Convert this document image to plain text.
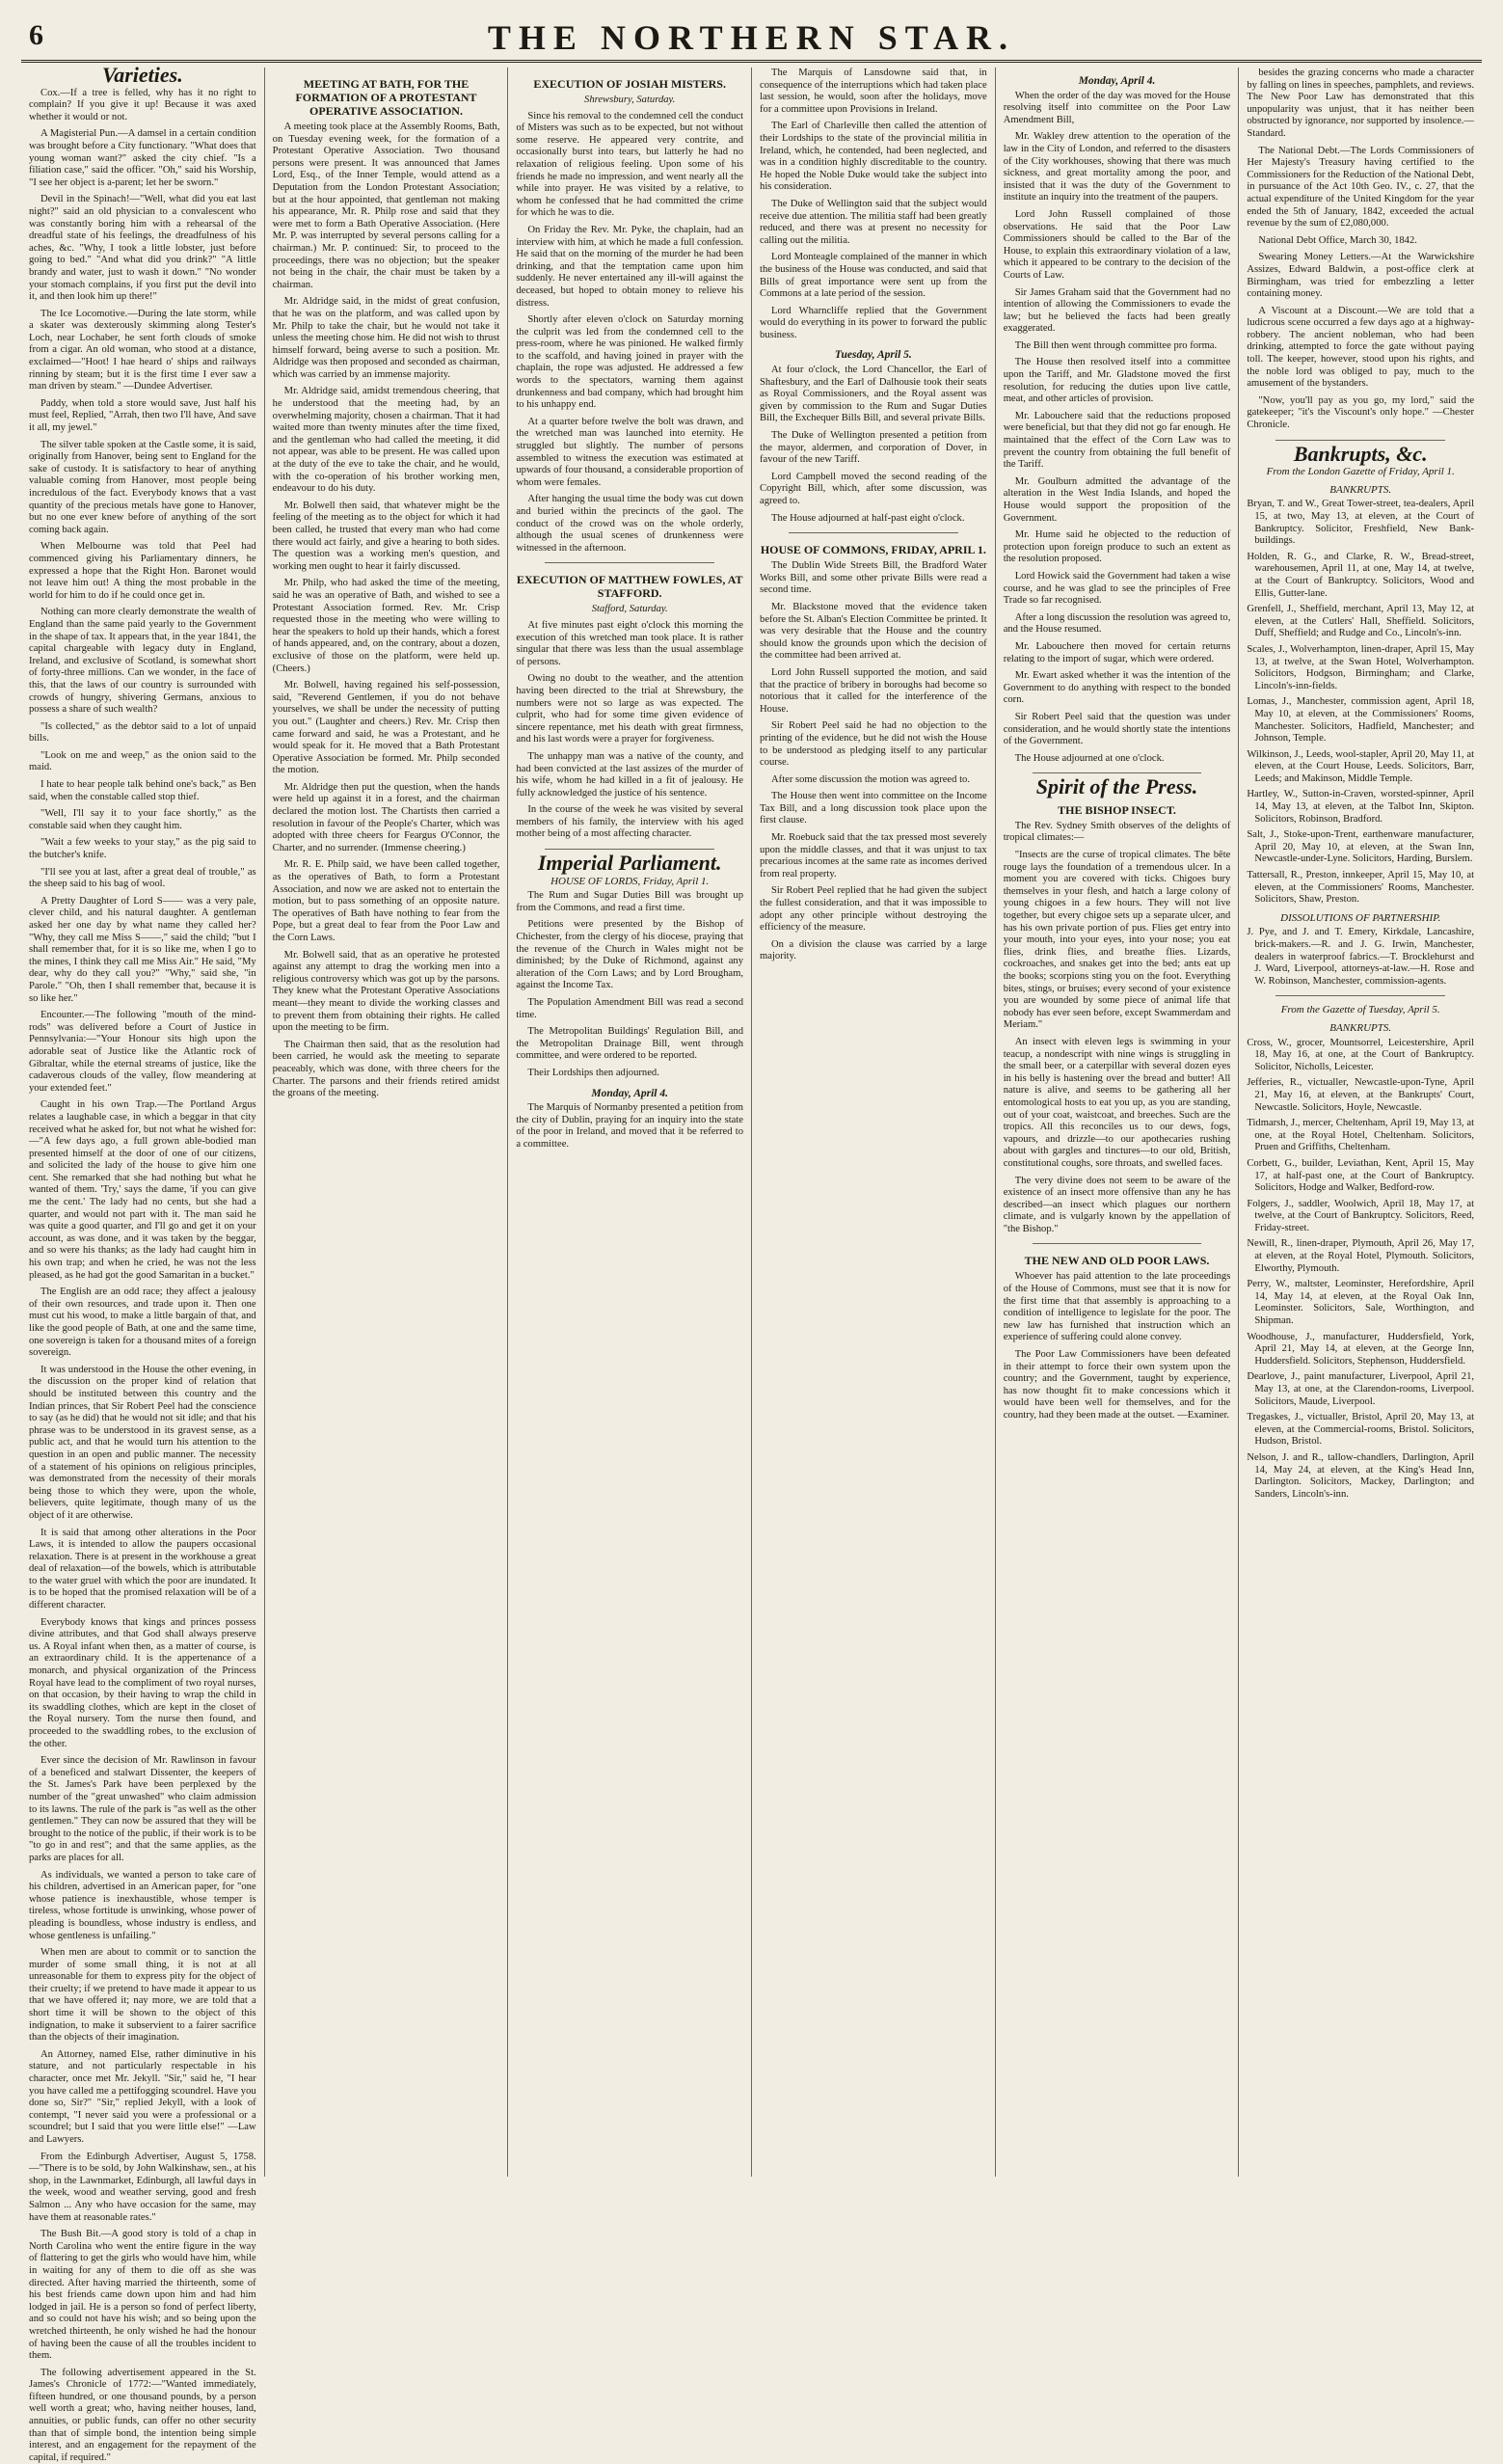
6	THE NORTHERN STAR.
Varieties.

Cox.—If a tree is felled, why has it no right to complain? If you give it up! Because it was axed whether it would or not.

A Magisterial Pun.—A damsel in a certain condition was brought before a City functionary. "What does that young woman want?" asked the city chief. "Is a filiation case," said the officer. "Oh," said his Worship, "I see her object is a-parent; let her be sworn."

Devil in the Spinach!—"Well, what did you eat last night?" said an old physician to a convalescent who was constantly boring him with a rehearsal of the dreadful state of his feelings, the dreadfulness of his aches, &c. "Why, I took a little lobster, just before going to bed." "And what did you drink?" "A little brandy and water, just to wash it down." "No wonder your stomach complains, if you first put the devil into it, and then look him up there!"

The Ice Locomotive.—During the late storm, while a skater was dexterously skimming along Tester's Loch, near Lochaber, he sent forth clouds of smoke from a cigar. An old woman, who stood at a distance, exclaimed—"Hoot! I hae heard o' ships and railways rinning by steam; but it is the first time I ever saw a man driven by steam." —Dundee Advertiser.

Paddy, when told a store would save, Just half his must feel, Replied, "Arrah, then two I'll have, And save it all, my jewel."

The silver table spoken at the Castle some, it is said, originally from Hanover, being sent to England for the sake of custody. It is satisfactory to hear of anything valuable coming from Hanover, most people being incredulous of the fact. Everybody knows that a vast quantity of the precious metals have gone to Hanover, but no one ever knew before of anything of the sort coming back again.

When Melbourne was told that Peel had commenced giving his Parliamentary dinners, he expressed a hope that the Right Hon. Baronet would not leave him out! A thing the most probable in the world for him to do if he could once get in.

Nothing can more clearly demonstrate the wealth of England than the same paid yearly to the Government in the shape of tax. It appears that, in the year 1841, the capital chargeable with legacy duty in England, Ireland, and exclusive of Scotland, is somewhat short of forty-three millions. Can we wonder, in the face of this, that the laws of our country is surrounded with crowds of hungry, shivering Germans, anxious to possess a share of such wealth?

"Is collected," as the debtor said to a lot of unpaid bills.

"Look on me and weep," as the onion said to the maid.

I hate to hear people talk behind one's back," as Ben said, when the constable called stop thief.

"Well, I'll say it to your face shortly," as the constable said when they caught him.

"Wait a few weeks to your stay," as the pig said to the butcher's knife.

"I'll see you at last, after a great deal of trouble," as the sheep said to his bag of wool.

A Pretty Daughter of Lord S—— was a very pale, clever child, and his natural daughter. A gentleman asked her one day by what name they called her? "Why, they call me Miss S——," said the child; "but I shall remember that, for it is so like me, when I go to the mines, I think they call me Miss Air." He said, "My dear, why do they call you?" "Why," said she, "in Parole." "Oh, then I shall remember that, because it is so like her."

Encounter.—The following "mouth of the mind-rods" was delivered before a Court of Justice in Pennsylvania:—"Your Honour sits high upon the adorable seat of Justice like the Atlantic rock of Gibraltar, while the eternal streams of justice, like the cadaverous clouds of the valley, flow meandering at your extended feet."

Caught in his own Trap.—The Portland Argus relates a laughable case, in which a beggar in that city received what he asked for, but not what he wished for:—"A few days ago, a full grown able-bodied man presented himself at the door of one of our citizens, and solicited the lady of the house to give him one cent. She remarked that she had nothing but what he wanted of them. 'Try,' says the dame, 'if you can give me the cent.' The lady had no cents, but she had a quarter, and would not part with it. The man said he was quite a good quarter, and I'll go and get it on your account, as was done, and it was taken by the beggar, and so were his thanks; as the lady had caught him in his own trap; and when he cried, he was not the less pleased, as he had got the good Samaritan in a bucket."

The English are an odd race; they affect a jealousy of their own resources, and trade upon it. Then one must cut his wood, to make a little bargain of that, and like the good people of Bath, at one and the same time, one sovereign is taken for a thousand mites of a foreign sovereign.

It was understood in the House the other evening, in the discussion on the proper kind of relation that should be instituted between this country and the Indian princes, that Sir Robert Peel had the conscience to say (as he did) that he would not sit idle; and that his phrase was to be understood in its gravest sense, as a public act, and that he would turn his attention to the question in an open and public manner. The necessity of a statement of his opinions on religious principles, was demonstrated from the necessity of their morals being those to which they were, upon the whole, believers, quite legitimate, though many of us the object of it are otherwise.

It is said that among other alterations in the Poor Laws, it is intended to allow the paupers occasional relaxation. There is at present in the workhouse a great deal of relaxation—of the bowels, which is attributable to the water gruel with which the poor are inundated. It is to be hoped that the promised relaxation will be of a different character.

Everybody knows that kings and princes possess divine attributes, and that God shall always preserve us. A Royal infant when then, as a matter of course, is an extraordinary child. It is the appertenance of a monarch, and physical organization of the Princess Royal have lead to the compliment of two royal nurses, on that occasion, by their having to wrap the child in its swaddling clothes, which are kept in the closet of the Royal nursery. Tom the nurse then found, and proceeded to the swaddling robes, to the exclusion of the other.

Ever since the decision of Mr. Rawlinson in favour of a beneficed and stalwart Dissenter, the keepers of the St. James's Park have been perplexed by the number of the "great unwashed" who claim admission to its lawns. The rule of the park is "as well as the other gentlemen." They can now be assured that they will be brought to the notice of the public, if their work is to be "to go in and rest"; and that the same applies, as the parks are places for all.

As individuals, we wanted a person to take care of his children, advertised in an American paper, for "one whose patience is inexhaustible, whose temper is tireless, whose fortitude is unwinking, whose power of pleading is boundless, whose industry is endless, and whose gentleness is unfailing."

When men are about to commit or to sanction the murder of some small thing, it is not at all unreasonable for them to express pity for the object of their cruelty; if we pretend to have made it appear to us that we have offered it; nay more, we are told that a short time it will be shown to the object of this indignation, to make it subservient to a fairer sacrifice than the objects of their imagination.

An Attorney, named Else, rather diminutive in his stature, and not particularly respectable in his character, once met Mr. Jekyll. "Sir," said he, "I hear you have called me a pettifogging scoundrel. Have you done so, Sir?" "Sir," replied Jekyll, with a look of contempt, "I never said you were a professional or a scoundrel; but I said that you were little else!" —Law and Lawyers.

From the Edinburgh Advertiser, August 5, 1758.—"There is to be sold, by John Walkinshaw, sen., at his shop, in the Lawnmarket, Edinburgh, all lawful days in the week, wood and weather serving, good and fresh Salmon ... Any who have occasion for the same, may have them at reasonable rates."

The Bush Bit.—A good story is told of a chap in North Carolina who went the entire figure in the way of flattering to get the girls who would have him, while in waiting for any of them to die off as she was directed. After having married the thirteenth, some of his best friends came down upon him and had him lodged in jail. He is a person so fond of perfect liberty, and so could not have his wish; and so being upon the wretched thirteenth, he only wished he had the honour of having been the cause of all the troubles incident to them.

The following advertisement appeared in the St. James's Chronicle of 1772:—"Wanted immediately, fifteen hundred, or one thousand pounds, by a person well worth a great; who, having neither houses, land, annuities, or public funds, can offer no other security than that of simple bond, the intention being simple interest, and an engagement for the repayment of the capital, if required."

MEETING AT BATH, FOR THE FORMATION OF A PROTESTANT OPERATIVE ASSOCIATION.

A meeting took place at the Assembly Rooms, Bath, on Tuesday evening week, for the formation of a Protestant Operative Association. Two thousand persons were present. It was announced that James Lord, Esq., of the Inner Temple, would attend as a Deputation from the London Protestant Association; but at the hour appointed, that gentleman not making his appearance, Mr. R. Philp rose and said that they were met to form a Bath Operative Association. (Here Mr. P. was interrupted by several persons calling for a chairman.) Mr. P. continued: Sir, to proceed to the proceedings, there was no objection; but the speaker not being in the chair, the chair must be taken by a chairman.

Mr. Aldridge said, in the midst of great confusion, that he was on the platform, and was called upon by Mr. Philp to take the chair, but he would not take it unless the meeting chose him. He did not wish to thrust himself forward, being averse to such a position. Mr. Aldridge was then proposed and seconded as chairman, which was carried by an immense majority.

Mr. Aldridge said, amidst tremendous cheering, that he understood that the meeting had, by an overwhelming majority, chosen a chairman. That it had waited more than twenty minutes after the time fixed, and the gentleman who had called the meeting, it did not appear, was able to be present. He was called upon at the duty of the eve to take the chair, and he would, with the co-operation of his brother working men, endeavour to do his duty.

Mr. Bolwell then said, that whatever might be the feeling of the meeting as to the object for which it had been called, he trusted that every man who had come there would act fairly, and give a hearing to both sides. The question was a working men's question, and working men ought to hear it fairly discussed.

Mr. Philp, who had asked the time of the meeting, said he was an operative of Bath, and wished to see a Protestant Association formed. Rev. Mr. Crisp requested those in the meeting who were willing to hear the speakers to hold up their hands, which a forest of hands appeared, and, on the contrary, about a dozen, exclusive of those on the platform, were held up. (Cheers.)

Mr. Bolwell, having regained his self-possession, said, "Reverend Gentlemen, if you do not behave yourselves, we shall be under the necessity of putting you out." (Laughter and cheers.) Rev. Mr. Crisp then came forward and said, he was a Protestant, and he would speak for it. He moved that a Bath Protestant Operative Association be formed. Mr. Philp seconded the motion.

Mr. Aldridge then put the question, when the hands were held up against it in a forest, and the chairman declared the motion lost. The Chartists then carried a resolution in favour of the People's Charter, which was adopted with three cheers for Feargus O'Connor, the Charter, and no surrender. (Immense cheering.)

Mr. R. E. Philp said, we have been called together, as the operatives of Bath, to form a Protestant Association, and now we are asked not to entertain the motion, but to pass something of an opposite nature. The operatives of Bath have nothing to fear from the Pope, but a great deal to fear from the Poor Law and the Corn Laws.

Mr. Bolwell said, that as an operative he protested against any attempt to drag the working men into a religious controversy which was got up by the parsons. They knew what the Protestant Operative Associations meant—they meant to divide the working classes and to prevent them from obtaining their rights. He called upon the meeting to be firm.

The Chairman then said, that as the resolution had been carried, he would ask the meeting to separate peaceably, which was done, with three cheers for the Charter. The parsons and their friends retired amidst the groans of the meeting.

EXECUTION OF JOSIAH MISTERS.
Shrewsbury, Saturday.

Since his removal to the condemned cell the conduct of Misters was such as to be expected, but not without some reserve. He appeared very contrite, and occasionally burst into tears, but latterly he had no relaxation of religious feeling. Upon some of his friends he made no impression, and went nearly all the while into prayer. He was visited by a relative, to whom he confessed that he had committed the crime for which he was to die.

On Friday the Rev. Mr. Pyke, the chaplain, had an interview with him, at which he made a full confession. He said that on the morning of the murder he had been drinking, and that the temptation came upon him suddenly. He never entertained any ill-will against the deceased, but hoped to obtain money to relieve his distress.

Shortly after eleven o'clock on Saturday morning the culprit was led from the condemned cell to the press-room, where he was pinioned. He walked firmly to the scaffold, and having joined in prayer with the chaplain, the rope was adjusted. He addressed a few words to the spectators, warning them against drunkenness and bad company, which had brought him to his unhappy end.

At a quarter before twelve the bolt was drawn, and the wretched man was launched into eternity. He struggled but slightly. The number of persons assembled to witness the execution was estimated at upwards of four thousand, a considerable proportion of whom were females.

After hanging the usual time the body was cut down and buried within the precincts of the gaol. The conduct of the crowd was on the whole orderly, although the usual scenes of drunkenness were witnessed in the afternoon.

EXECUTION OF MATTHEW FOWLES, AT STAFFORD.
Stafford, Saturday.

At five minutes past eight o'clock this morning the execution of this wretched man took place. It is rather singular that there was less than the usual assemblage of persons.

Owing no doubt to the weather, and the attention having been directed to the trial at Shrewsbury, the numbers were not so large as was expected. The culprit, who had for some time given evidence of sincere repentance, met his death with great firmness, and his last words were a prayer for forgiveness.

The unhappy man was a native of the county, and had been convicted at the last assizes of the murder of his wife, whom he had killed in a fit of jealousy. He fully acknowledged the justice of his sentence.

In the course of the week he was visited by several members of his family, the interview with his aged mother being of a most affecting character.

Imperial Parliament.
HOUSE OF LORDS, Friday, April 1.

The Rum and Sugar Duties Bill was brought up from the Commons, and read a first time.

Petitions were presented by the Bishop of Chichester, from the clergy of his diocese, praying that the revenue of the Church in Wales might not be diminished; by the Duke of Richmond, against any alteration of the Corn Laws; and by Lord Brougham, against the Income Tax.

The Population Amendment Bill was read a second time.

The Metropolitan Buildings' Regulation Bill, and the Metropolitan Drainage Bill, went through committee, and were ordered to be reported.

Their Lordships then adjourned.

Monday, April 4.

The Marquis of Normanby presented a petition from the city of Dublin, praying for an inquiry into the state of the poor in Ireland, and moved that it be referred to a committee.

The Marquis of Lansdowne said that, in consequence of the interruptions which had taken place last session, he would, soon after the holidays, move for a committee upon Provisions in Ireland.

The Earl of Charleville then called the attention of their Lordships to the state of the provincial militia in Ireland, which, he contended, had been neglected, and was in a condition highly discreditable to the country. He hoped the Noble Duke would take the subject into his consideration.

The Duke of Wellington said that the subject would receive due attention. The militia staff had been greatly reduced, and there was at present no necessity for calling out the militia.

Lord Monteagle complained of the manner in which the business of the House was conducted, and said that Bills of great importance were sent up from the Commons at a late period of the session.

Lord Wharncliffe replied that the Government would do everything in its power to forward the public business.

Tuesday, April 5.

At four o'clock, the Lord Chancellor, the Earl of Shaftesbury, and the Earl of Dalhousie took their seats as Royal Commissioners, and the Royal assent was given by commission to the Rum and Sugar Duties Bill, the Exchequer Bills Bill, and several private Bills.

The Duke of Wellington presented a petition from the mayor, aldermen, and corporation of Dover, in favour of the new Tariff.

Lord Campbell moved the second reading of the Copyright Bill, which, after some discussion, was agreed to.

The House adjourned at half-past eight o'clock.

HOUSE OF COMMONS, FRIDAY, APRIL 1.

The Dublin Wide Streets Bill, the Bradford Water Works Bill, and some other private Bills were read a second time.

Mr. Blackstone moved that the evidence taken before the St. Alban's Election Committee be printed. It was very desirable that the House and the country should know the grounds upon which the decision of the committee had been arrived at.

Lord John Russell supported the motion, and said that the practice of bribery in boroughs had become so notorious that it called for the interference of the House.

Sir Robert Peel said he had no objection to the printing of the evidence, but he did not wish the House to be understood as pledging itself to any particular course.

After some discussion the motion was agreed to.

The House then went into committee on the Income Tax Bill, and a long discussion took place upon the first clause.

Mr. Roebuck said that the tax pressed most severely upon the middle classes, and that it was unjust to tax precarious incomes at the same rate as incomes derived from real property.

Sir Robert Peel replied that he had given the subject the fullest consideration, and that it was impossible to adopt any other principle without destroying the efficiency of the measure.

On a division the clause was carried by a large majority.

Monday, April 4.

When the order of the day was moved for the House resolving itself into committee on the Poor Law Amendment Bill,

Mr. Wakley drew attention to the operation of the law in the City of London, and referred to the disasters of the City workhouses, showing that there was much sickness, and great mortality among the poor, and insisted that it was the duty of the Government to institute an inquiry into the treatment of the paupers.

Lord John Russell complained of those observations. He said that the Poor Law Commissioners should be called to the Bar of the House, to explain this extraordinary violation of a law, which it appeared to be contrary to the decision of the Courts of Law.

Sir James Graham said that the Government had no intention of allowing the Commissioners to evade the law; but he believed the facts had been greatly exaggerated.

The Bill then went through committee pro forma.

The House then resolved itself into a committee upon the Tariff, and Mr. Gladstone moved the first resolution, for reducing the duties upon live cattle, meat, and other articles of provision.

Mr. Labouchere said that the reductions proposed were beneficial, but that they did not go far enough. He maintained that the effect of the Corn Law was to prevent the country from obtaining the full benefit of the Tariff.

Mr. Goulburn admitted the advantage of the alteration in the West India Islands, and hoped the House would support the proposition of the Government.

Mr. Hume said he objected to the reduction of protection upon foreign produce to such an extent as the resolution proposed.

Lord Howick said the Government had taken a wise course, and he was glad to see the principles of Free Trade so far recognised.

After a long discussion the resolution was agreed to, and the House resumed.

Mr. Labouchere then moved for certain returns relating to the import of sugar, which were ordered.

Mr. Ewart asked whether it was the intention of the Government to do anything with respect to the bonded corn.

Sir Robert Peel said that the question was under consideration, and he would shortly state the intentions of the Government.

The House adjourned at one o'clock.

Spirit of the Press.
THE BISHOP INSECT.

The Rev. Sydney Smith observes of the delights of tropical climates:—

"Insects are the curse of tropical climates. The bête rouge lays the foundation of a tremendous ulcer. In a moment you are covered with ticks. Chigoes bury themselves in your flesh, and hatch a large colony of young chigoes in a few hours. They will not live together, but every chigoe sets up a separate ulcer, and has his own private portion of pus. Flies get entry into your mouth, into your eyes, into your nose; you eat flies, drink flies, and breathe flies. Lizards, cockroaches, and snakes get into the bed; ants eat up the books; scorpions sting you on the foot. Everything bites, stings, or bruises; every second of your existence you are wounded by some piece of animal life that nobody has ever seen before, except Swammerdam and Meriam."

An insect with eleven legs is swimming in your teacup, a nondescript with nine wings is struggling in the small beer, or a caterpillar with several dozen eyes in his belly is hastening over the bread and butter! All nature is alive, and seems to be gathering all her entomological hosts to eat you up, as you are standing, out of your coat, waistcoat, and breeches. Such are the tropics. All this reconciles us to our dews, fogs, vapours, and drizzle—to our apothecaries rushing about with gargles and tinctures—to our old, British, constitutional coughs, sore throats, and swelled faces.

The very divine does not seem to be aware of the existence of an insect more offensive than any he has described—an insect which plagues our northern climate, and is vulgarly known by the appellation of "the Bishop."

THE NEW AND OLD POOR LAWS.

Whoever has paid attention to the late proceedings of the House of Commons, must see that it is now for the first time that that assembly is approaching to a condition of intelligence to legislate for the poor. The new law has furnished that instruction which an experience of suffering could alone convey.

The Poor Law Commissioners have been defeated in their attempt to force their own system upon the country; and the Government, taught by experience, has now thought fit to make concessions which it would have been well for themselves, and for the country, had they been made at the outset. —Examiner.

besides the grazing concerns who made a character by falling on lines in speeches, pamphlets, and reviews. The New Poor Law has demonstrated that this unpopularity was unjust, that it has neither been obstructed by ignorance, nor supported by insolence.—Standard.

The National Debt.—The Lords Commissioners of Her Majesty's Treasury having certified to the Commissioners for the Reduction of the National Debt, in pursuance of the Act 10th Geo. IV., c. 27, that the actual expenditure of the United Kingdom for the year ended the 5th of January, 1842, exceeded the actual revenue by the sum of £2,080,000.

National Debt Office, March 30, 1842.

Swearing Money Letters.—At the Warwickshire Assizes, Edward Baldwin, a post-office clerk at Birmingham, was tried for embezzling a letter containing money.

A Viscount at a Discount.—We are told that a ludicrous scene occurred a few days ago at a highway-robbery. The ancient nobleman, who had been drinking, attempted to force the gate without paying toll. The keeper, however, stood upon his rights, and the noble lord was obliged to pay, much to the amusement of the bystanders.

"Now, you'll pay as you go, my lord," said the gatekeeper; "it's the Viscount's only hope." —Chester Chronicle.

Bankrupts, &c.
From the London Gazette of Friday, April 1.
BANKRUPTS.

Bryan, T. and W., Great Tower-street, tea-dealers, April 15, at two, May 13, at eleven, at the Court of Bankruptcy. Solicitor, Freshfield, New Bank-buildings.

Holden, R. G., and Clarke, R. W., Bread-street, warehousemen, April 11, at one, May 14, at twelve, at the Court of Bankruptcy. Solicitors, Wood and Ellis, Gutter-lane.

Grenfell, J., Sheffield, merchant, April 13, May 12, at eleven, at the Cutlers' Hall, Sheffield. Solicitors, Duff, Sheffield; and Rudge and Co., Lincoln's-inn.

Scales, J., Wolverhampton, linen-draper, April 15, May 13, at twelve, at the Swan Hotel, Wolverhampton. Solicitors, Hodgson, Birmingham; and Clarke, Lincoln's-inn-fields.

Lomas, J., Manchester, commission agent, April 18, May 10, at eleven, at the Commissioners' Rooms, Manchester. Solicitors, Hadfield, Manchester; and Johnson, Temple.

Wilkinson, J., Leeds, wool-stapler, April 20, May 11, at eleven, at the Court House, Leeds. Solicitors, Barr, Leeds; and Makinson, Middle Temple.

Hartley, W., Sutton-in-Craven, worsted-spinner, April 14, May 13, at eleven, at the Talbot Inn, Skipton. Solicitors, Robinson, Bradford.

Salt, J., Stoke-upon-Trent, earthenware manufacturer, April 20, May 10, at eleven, at the Swan Inn, Newcastle-under-Lyne. Solicitors, Harding, Burslem.

Tattersall, R., Preston, innkeeper, April 15, May 10, at eleven, at the Commissioners' Rooms, Manchester. Solicitors, Shaw, Preston.

DISSOLUTIONS OF PARTNERSHIP.

J. Pye, and J. and T. Emery, Kirkdale, Lancashire, brick-makers.—R. and J. G. Irwin, Manchester, dealers in waterproof fabrics.—T. Brocklehurst and J. Ward, Liverpool, attorneys-at-law.—H. Rose and W. Robinson, Manchester, commission-agents.

From the Gazette of Tuesday, April 5.
BANKRUPTS.

Cross, W., grocer, Mountsorrel, Leicestershire, April 18, May 16, at one, at the Court of Bankruptcy. Solicitor, Nicholls, Leicester.

Jefferies, R., victualler, Newcastle-upon-Tyne, April 21, May 16, at eleven, at the Bankrupts' Court, Newcastle. Solicitors, Hoyle, Newcastle.

Tidmarsh, J., mercer, Cheltenham, April 19, May 13, at one, at the Royal Hotel, Cheltenham. Solicitors, Pruen and Griffiths, Cheltenham.

Corbett, G., builder, Leviathan, Kent, April 15, May 17, at half-past one, at the Court of Bankruptcy. Solicitors, Hodge and Walker, Bedford-row.

Folgers, J., saddler, Woolwich, April 18, May 17, at twelve, at the Court of Bankruptcy. Solicitors, Reed, Friday-street.

Newill, R., linen-draper, Plymouth, April 26, May 17, at eleven, at the Royal Hotel, Plymouth. Solicitors, Elworthy, Plymouth.

Perry, W., maltster, Leominster, Herefordshire, April 14, May 14, at eleven, at the Royal Oak Inn, Leominster. Solicitors, Sale, Worthington, and Shipman.

Woodhouse, J., manufacturer, Huddersfield, York, April 21, May 14, at eleven, at the George Inn, Huddersfield. Solicitors, Stephenson, Huddersfield.

Dearlove, J., paint manufacturer, Liverpool, April 21, May 13, at one, at the Clarendon-rooms, Liverpool. Solicitors, Maude, Liverpool.

Tregaskes, J., victualler, Bristol, April 20, May 13, at eleven, at the Commercial-rooms, Bristol. Solicitors, Hudson, Bristol.

Nelson, J. and R., tallow-chandlers, Darlington, April 14, May 24, at eleven, at the King's Head Inn, Darlington. Solicitors, Mackey, Darlington; and Sanders, Lincoln's-inn.
